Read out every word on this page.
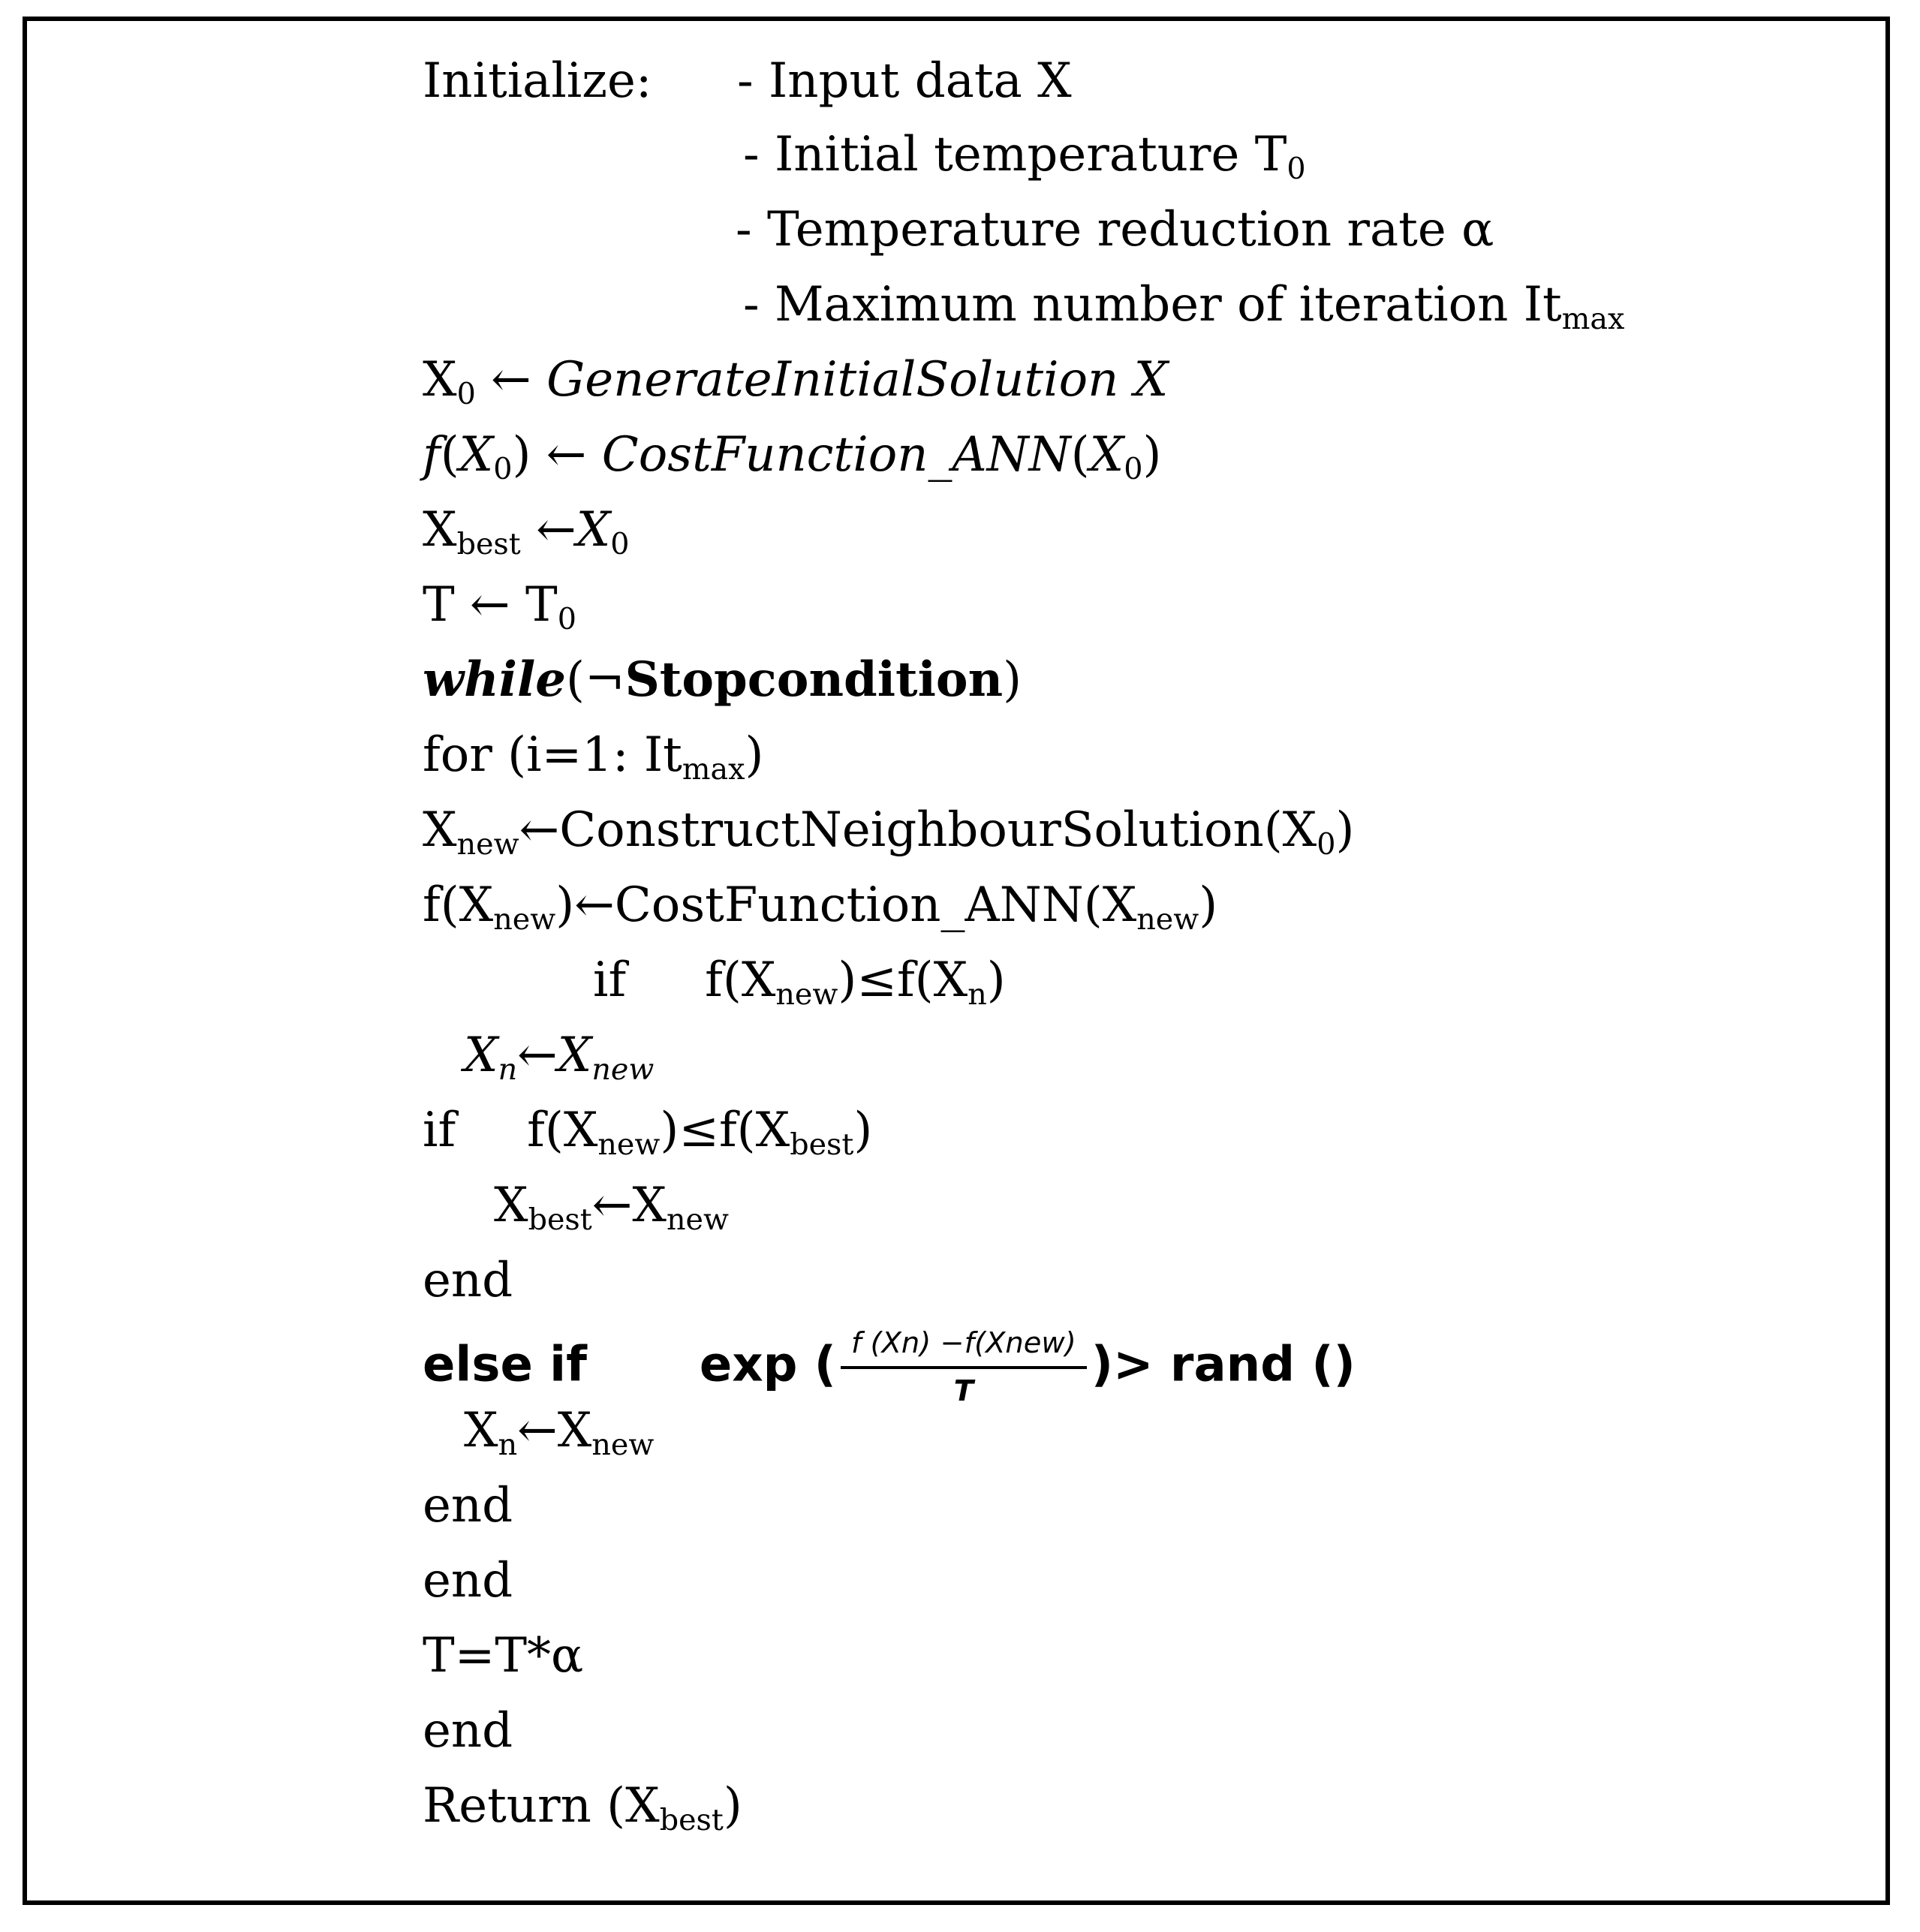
Initialize: - Input data X
- Initial temperature $T_0$
- Temperature reduction rate α
- Maximum number of iteration $It_{max}$
$X_0$ ← GenerateInitialSolution X
$f(X_0)$ ← $CostFunction\_ANN(X_0)$
$X_{best}$ $\leftarrow X_0$
T ← $T_0$
while(¬Stopcondition)
for (i=1: $It_{max}$)
$X_{new}\leftarrow ConstructNeighbourSolution(X_0)$
$f(X_{new})\leftarrow CostFunction\_ANN(X_{new})$
if $f(X_{new})\le f(X_n)$
$X_n\leftarrow X_{new}$
if $f(X_{new})\le f(X_{best})$
$X_{best}\leftarrow X_{new}$
end
else if exp ( $\frac{\text{f (Xn) −f(Xnew)}}{T}$ )> rand ()
$X_n\leftarrow X_{new}$
end
end
T=T*α
end
Return $(X_{best})$
